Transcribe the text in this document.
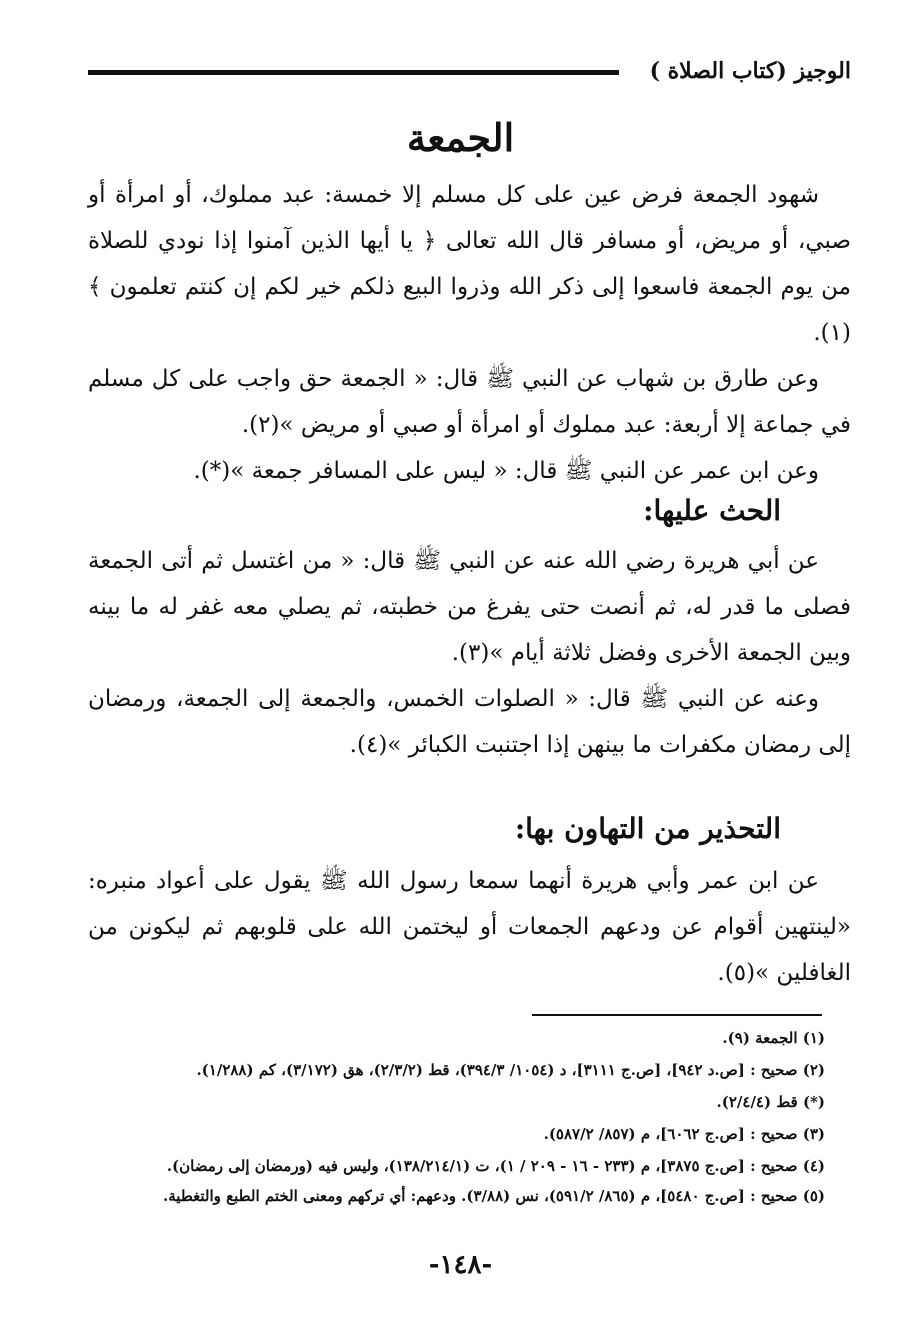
الوجيز (كتاب الصلاة )
الجمعة
شهود الجمعة فرض عين على كل مسلم إلا خمسة: عبد مملوك، أو امرأة أو صبي، أو مريض، أو مسافر قال الله تعالى ﴿ يا أيها الذين آمنوا إذا نودي للصلاة من يوم الجمعة فاسعوا إلى ذكر الله وذروا البيع ذلكم خير لكم إن كنتم تعلمون ﴾(١).
وعن طارق بن شهاب عن النبي ﷺ قال: « الجمعة حق واجب على كل مسلم في جماعة إلا أربعة: عبد مملوك أو امرأة أو صبي أو مريض »(٢).
وعن ابن عمر عن النبي ﷺ قال: « ليس على المسافر جمعة »(*).
الحث عليها:
عن أبي هريرة رضي الله عنه عن النبي ﷺ قال: « من اغتسل ثم أتى الجمعة فصلى ما قدر له، ثم أنصت حتى يفرغ من خطبته، ثم يصلي معه غفر له ما بينه وبين الجمعة الأخرى وفضل ثلاثة أيام »(٣).
وعنه عن النبي ﷺ قال: « الصلوات الخمس، والجمعة إلى الجمعة، ورمضان إلى رمضان مكفرات ما بينهن إذا اجتنبت الكبائر »(٤).
التحذير من التهاون بها:
عن ابن عمر وأبي هريرة أنهما سمعا رسول الله ﷺ يقول على أعواد منبره: «لينتهين أقوام عن ودعهم الجمعات أو ليختمن الله على قلوبهم ثم ليكونن من الغافلين »(٥).
(١) الجمعة (٩).
(٢) صحيح : [ص.د ٩٤٢]، [ص.ج ٣١١١]، د (١٠٥٤/ ٣٩٤/٣)، قط (٢/٣/٢)، هق (٣/١٧٢)، كم (١/٢٨٨).
(*) قط (٢/٤/٤).
(٣) صحيح : [ص.ج ٦٠٦٢]، م (٨٥٧/ ٥٨٧/٢).
(٤) صحيح : [ص.ج ٣٨٧٥]، م (٢٣٣ - ١٦ - ٢٠٩ / ١)، ت (١٣٨/٢١٤/١)، وليس فيه (ورمضان إلى رمضان).
(٥) صحيح : [ص.ج ٥٤٨٠]، م (٨٦٥/ ٥٩١/٢)، نس (٣/٨٨). ودعهم: أي تركهم ومعنى الختم الطبع والتغطية.
-١٤٨-
